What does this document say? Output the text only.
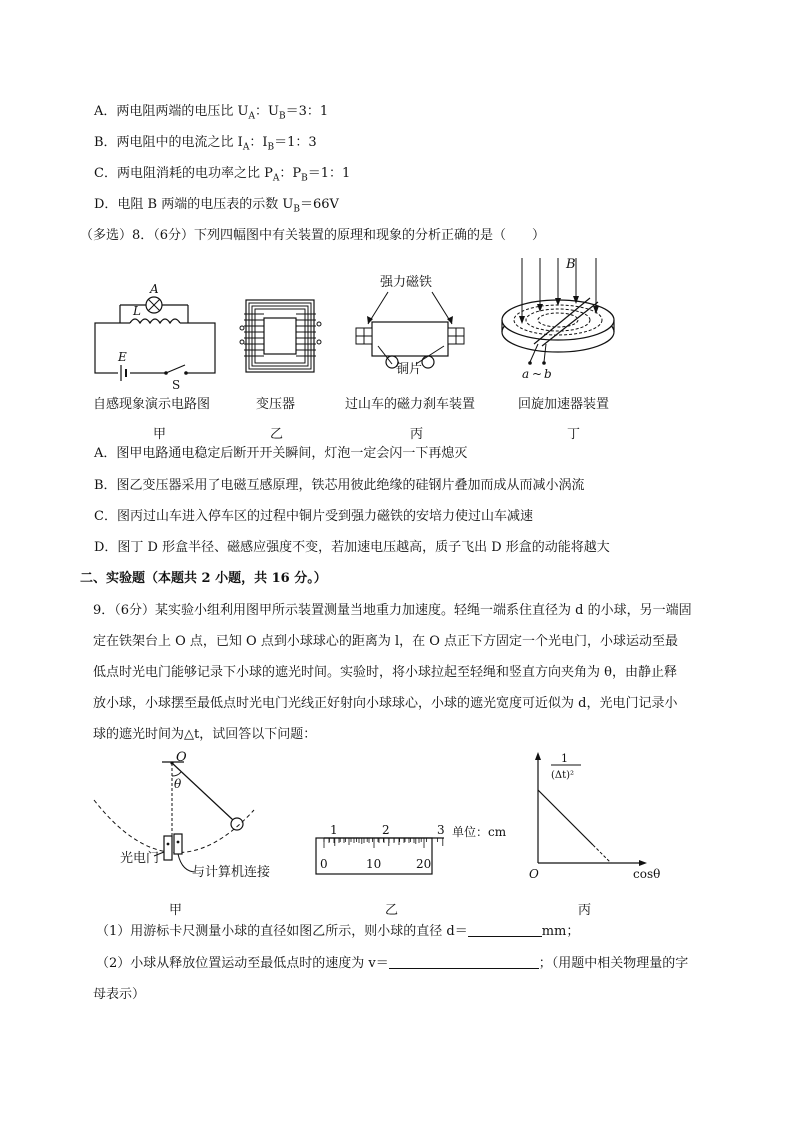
A．两电阻两端的电压比 $U_A$：$U_B=3$：1
B．两电阻中的电流之比 $I_A$：$I_B=1$：3
C．两电阻消耗的电功率之比 $P_A$：$P_B=1$：1
D．电阻 B 两端的电压表的示数 $U_B=66V$
（多选）8．（6分）下列四幅图中有关装置的原理和现象的分析正确的是（　　）
A
L
E
S
自感现象演示电路图
甲
变压器
乙
强力磁铁
铜片
过山车的磁力刹车装置
丙
B
a ~ b
回旋加速器装置
丁
A．图甲电路通电稳定后断开开关瞬间，灯泡一定会闪一下再熄灭
B．图乙变压器采用了电磁互感原理，铁芯用彼此绝缘的硅钢片叠加而成从而减小涡流
C．图丙过山车进入停车区的过程中铜片受到强力磁铁的安培力使过山车减速
D．图丁 D 形盒半径、磁感应强度不变，若加速电压越高，质子飞出 D 形盒的动能将越大
二、实验题（本题共 2 小题，共 16 分。）
9．（6分）某实验小组利用图甲所示装置测量当地重力加速度。轻绳一端系住直径为 d 的小球，另一端固
定在铁架台上 O 点，已知 O 点到小球球心的距离为 l，在 O 点正下方固定一个光电门，小球运动至最
低点时光电门能够记录下小球的遮光时间。实验时，将小球拉起至轻绳和竖直方向夹角为 θ，由静止释
放小球，小球摆至最低点时光电门光线正好射向小球球心，小球的遮光宽度可近似为 d，光电门记录小
球的遮光时间为△t，试回答以下问题：
O
θ
光电门
与计算机连接
甲
1	2	3 单位：cm
0	10	20
乙
1
(Δt)²
O	cosθ
丙
（1）用游标卡尺测量小球的直径如图乙所示，则小球的直径 d＝	mm；
（2）小球从释放位置运动至最低点时的速度为 v＝	；（用题中相关物理量的字
母表示）
